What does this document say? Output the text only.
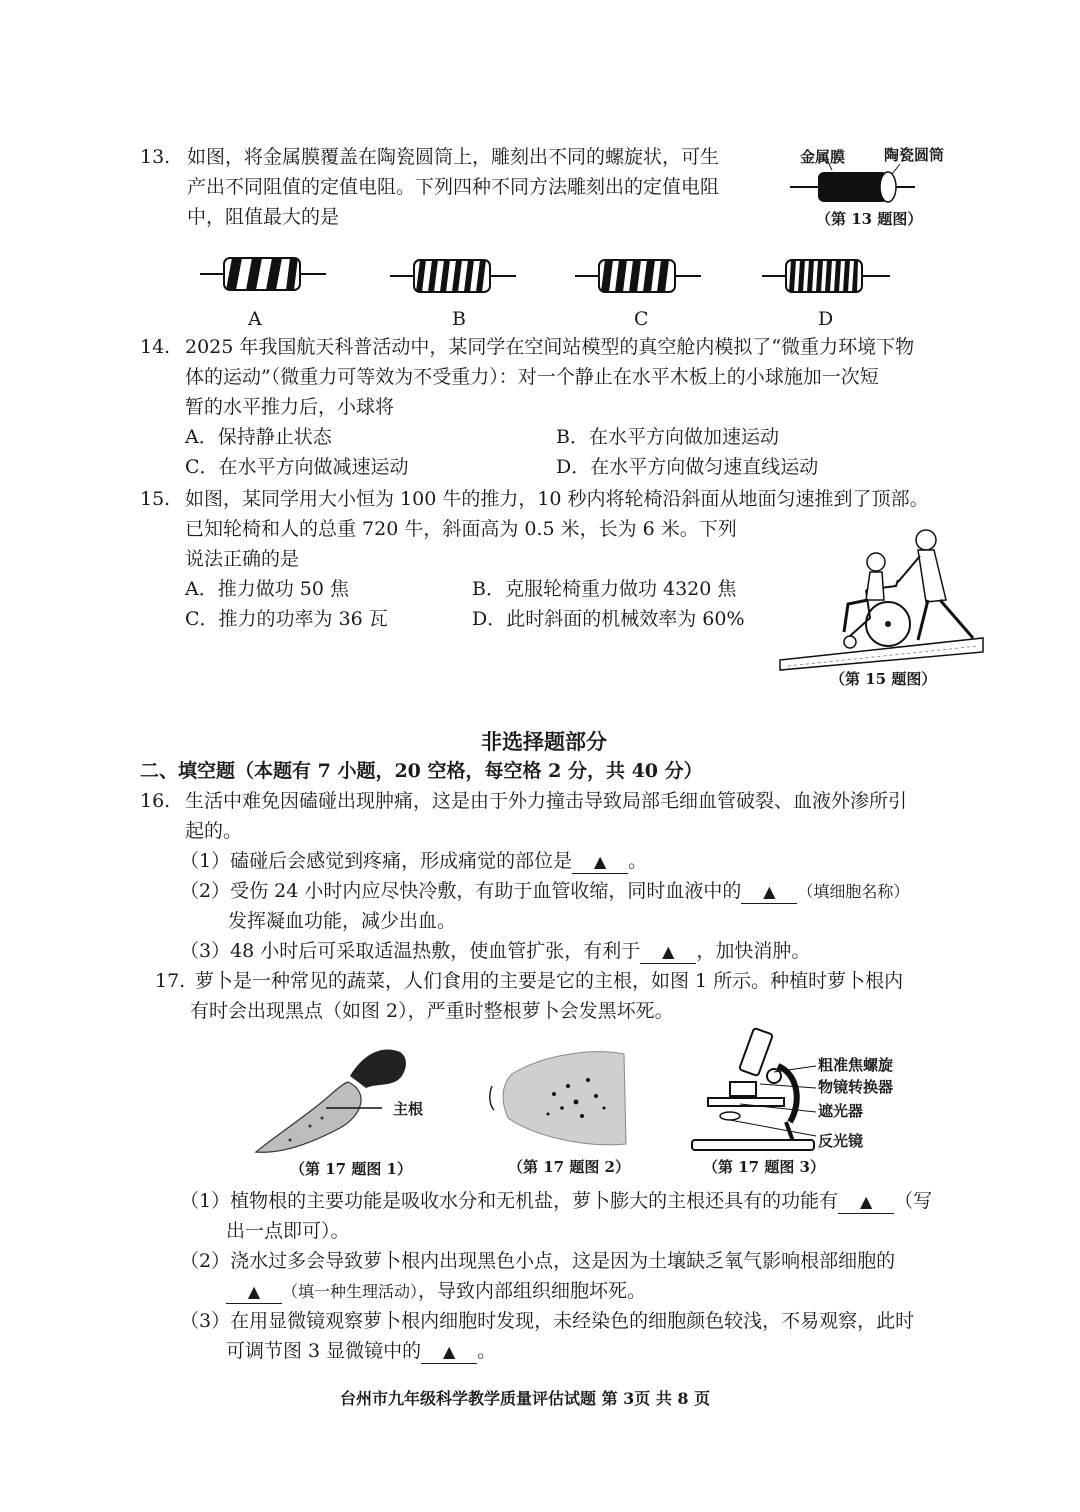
13. 如图，将金属膜覆盖在陶瓷圆筒上，雕刻出不同的螺旋状，可生
产出不同阻值的定值电阻。下列四种不同方法雕刻出的定值电阻
中，阻值最大的是
金属膜	陶瓷圆筒
（第 13 题图）
A	B	C	D
14. 2025 年我国航天科普活动中，某同学在空间站模型的真空舱内模拟了“微重力环境下物
体的运动”（微重力可等效为不受重力）：对一个静止在水平木板上的小球施加一次短
暂的水平推力后，小球将
A．保持静止状态	B．在水平方向做加速运动
C．在水平方向做减速运动	D．在水平方向做匀速直线运动
15. 如图，某同学用大小恒为 100 牛的推力，10 秒内将轮椅沿斜面从地面匀速推到了顶部。
已知轮椅和人的总重 720 牛，斜面高为 0.5 米，长为 6 米。下列
说法正确的是
A．推力做功 50 焦	B．克服轮椅重力做功 4320 焦
C．推力的功率为 36 瓦	D．此时斜面的机械效率为 60%
（第 15 题图）
非选择题部分
二、填空题（本题有 7 小题，20 空格，每空格 2 分，共 40 分）
16. 生活中难免因磕碰出现肿痛，这是由于外力撞击导致局部毛细血管破裂、血液外渗所引
起的。
（1）磕碰后会感觉到疼痛，形成痛觉的部位是 ▲ 。
（2）受伤 24 小时内应尽快冷敷，有助于血管收缩，同时血液中的 ▲ （填细胞名称）
发挥凝血功能，减少出血。
（3）48 小时后可采取适温热敷，使血管扩张，有利于 ▲ ，加快消肿。
17. 萝卜是一种常见的蔬菜，人们食用的主要是它的主根，如图 1 所示。种植时萝卜根内
有时会出现黑点（如图 2），严重时整根萝卜会发黑坏死。
主根
（第 17 题图 1）	（第 17 题图 2）
粗准焦螺旋
物镜转换器
遮光器
反光镜
（第 17 题图 3）
（1）植物根的主要功能是吸收水分和无机盐，萝卜膨大的主根还具有的功能有 ▲ （写
出一点即可）。
（2）浇水过多会导致萝卜根内出现黑色小点，这是因为土壤缺乏氧气影响根部细胞的
▲ （填一种生理活动），导致内部组织细胞坏死。
（3）在用显微镜观察萝卜根内细胞时发现，未经染色的细胞颜色较浅，不易观察，此时
可调节图 3 显微镜中的 ▲ 。
台州市九年级科学教学质量评估试题 第 3页 共 8 页
